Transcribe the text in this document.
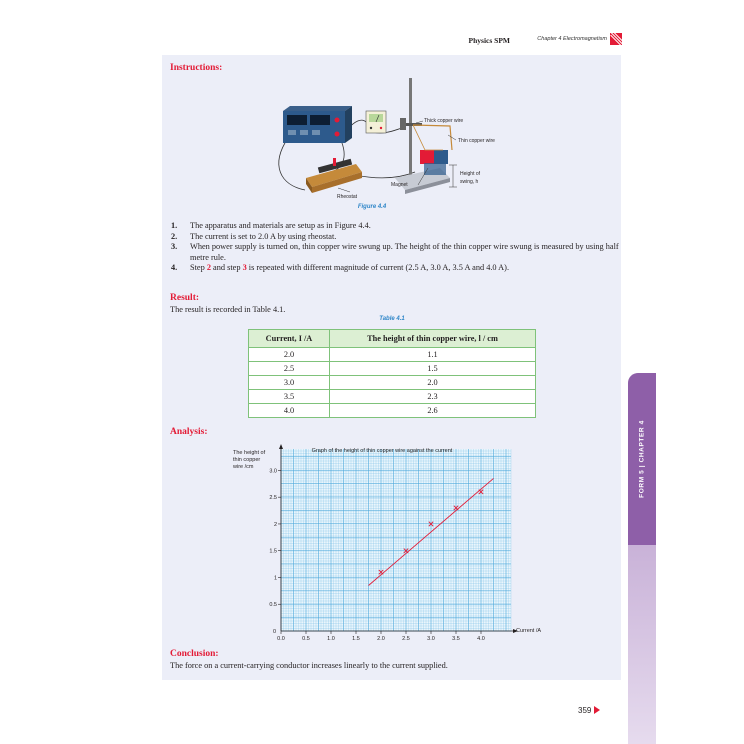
Physics SPM	Chapter 4 Electromagnetism
Instructions:
Thick copper wire
Thin copper wire
Height of
swing, h
Magnet
Rheostat
Figure 4.4
1. The apparatus and materials are setup as in Figure 4.4.
2. The current is set to 2.0 A by using rheostat.
3. When power supply is turned on, thin copper wire swung up. The height of the thin copper wire swung is measured by using half metre rule.
4. Step 2 and step 3 is repeated with different magnitude of current (2.5 A, 3.0 A, 3.5 A and 4.0 A).
Result:
The result is recorded in Table 4.1.
Table 4.1
Current, I /A	The height of thin copper wire, l / cm
2.0	1.1
2.5	1.5
3.0	2.0
3.5	2.3
4.0	2.6
Analysis:
0.0	0.5	1.0	1.5	2.0	2.5	3.0	3.5	4.0
0.5
1
1.5
2
2.5
3.0
0
Graph of the height of thin copper wire against the current
The height of
thin copper
wire /cm
Current /A
Conclusion:
The force on a current-carrying conductor increases linearly to the current supplied.
FORM 5 | CHAPTER 4
359
